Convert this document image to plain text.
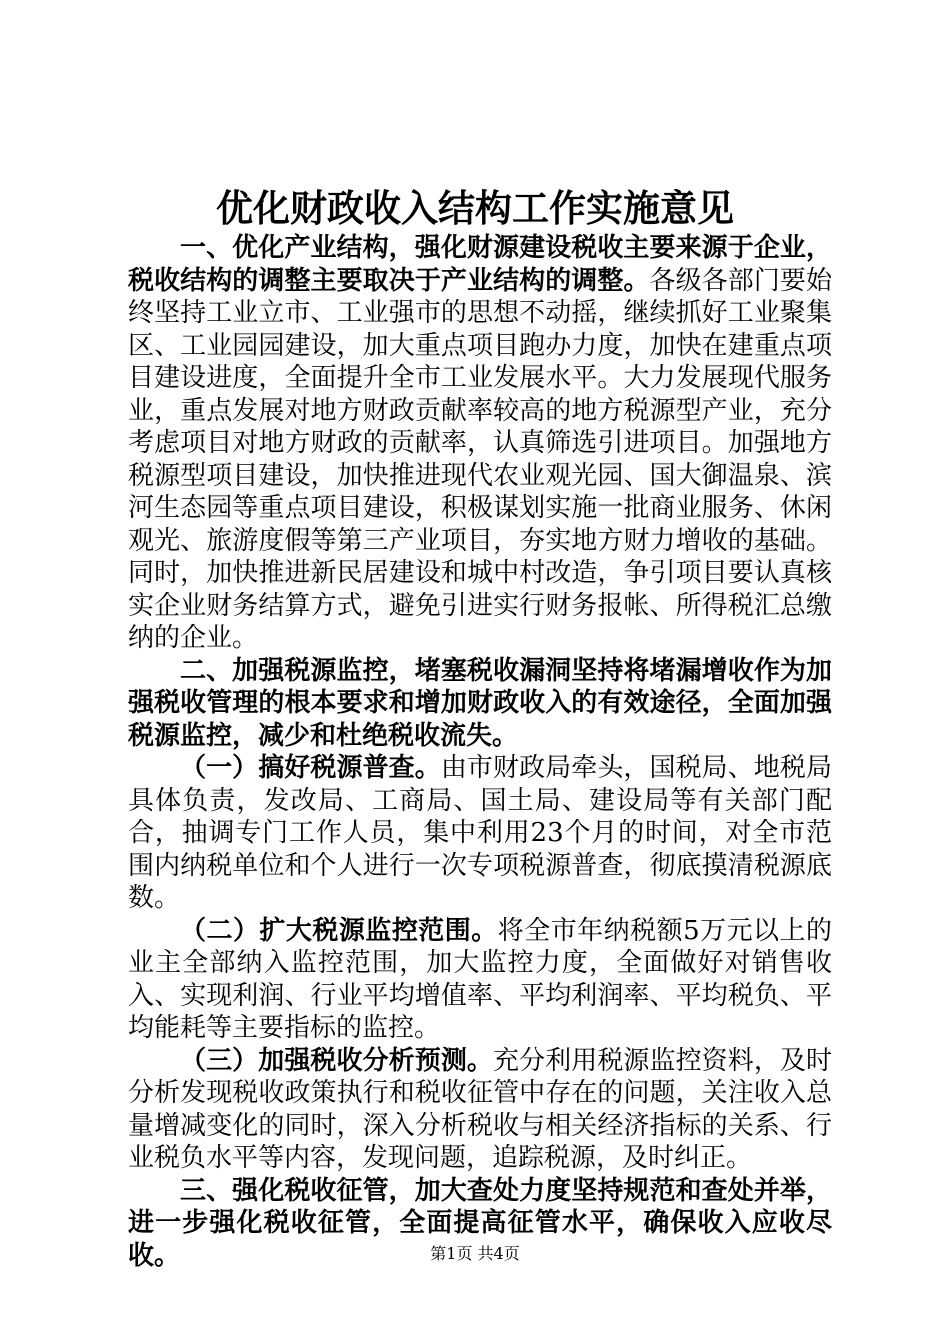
优化财政收入结构工作实施意见

一、优化产业结构，强化财源建设税收主要来源于企业，税收结构的调整主要取决于产业结构的调整。各级各部门要始终坚持工业立市、工业强市的思想不动摇，继续抓好工业聚集区、工业园园建设，加大重点项目跑办力度，加快在建重点项目建设进度，全面提升全市工业发展水平。大力发展现代服务业，重点发展对地方财政贡献率较高的地方税源型产业，充分考虑项目对地方财政的贡献率，认真筛选引进项目。加强地方税源型项目建设，加快推进现代农业观光园、国大御温泉、滨河生态园等重点项目建设，积极谋划实施一批商业服务、休闲观光、旅游度假等第三产业项目，夯实地方财力增收的基础。同时，加快推进新民居建设和城中村改造，争引项目要认真核实企业财务结算方式，避免引进实行财务报帐、所得税汇总缴纳的企业。

二、加强税源监控，堵塞税收漏洞坚持将堵漏增收作为加强税收管理的根本要求和增加财政收入的有效途径，全面加强税源监控，减少和杜绝税收流失。

（一）搞好税源普查。由市财政局牵头，国税局、地税局具体负责，发改局、工商局、国土局、建设局等有关部门配合，抽调专门工作人员，集中利用23个月的时间，对全市范围内纳税单位和个人进行一次专项税源普查，彻底摸清税源底数。

（二）扩大税源监控范围。将全市年纳税额5万元以上的业主全部纳入监控范围，加大监控力度，全面做好对销售收入、实现利润、行业平均增值率、平均利润率、平均税负、平均能耗等主要指标的监控。

（三）加强税收分析预测。充分利用税源监控资料，及时分析发现税收政策执行和税收征管中存在的问题，关注收入总量增减变化的同时，深入分析税收与相关经济指标的关系、行业税负水平等内容，发现问题，追踪税源，及时纠正。

三、强化税收征管，加大查处力度坚持规范和查处并举，进一步强化税收征管，全面提高征管水平，确保收入应收尽收。	第1页 共4页
